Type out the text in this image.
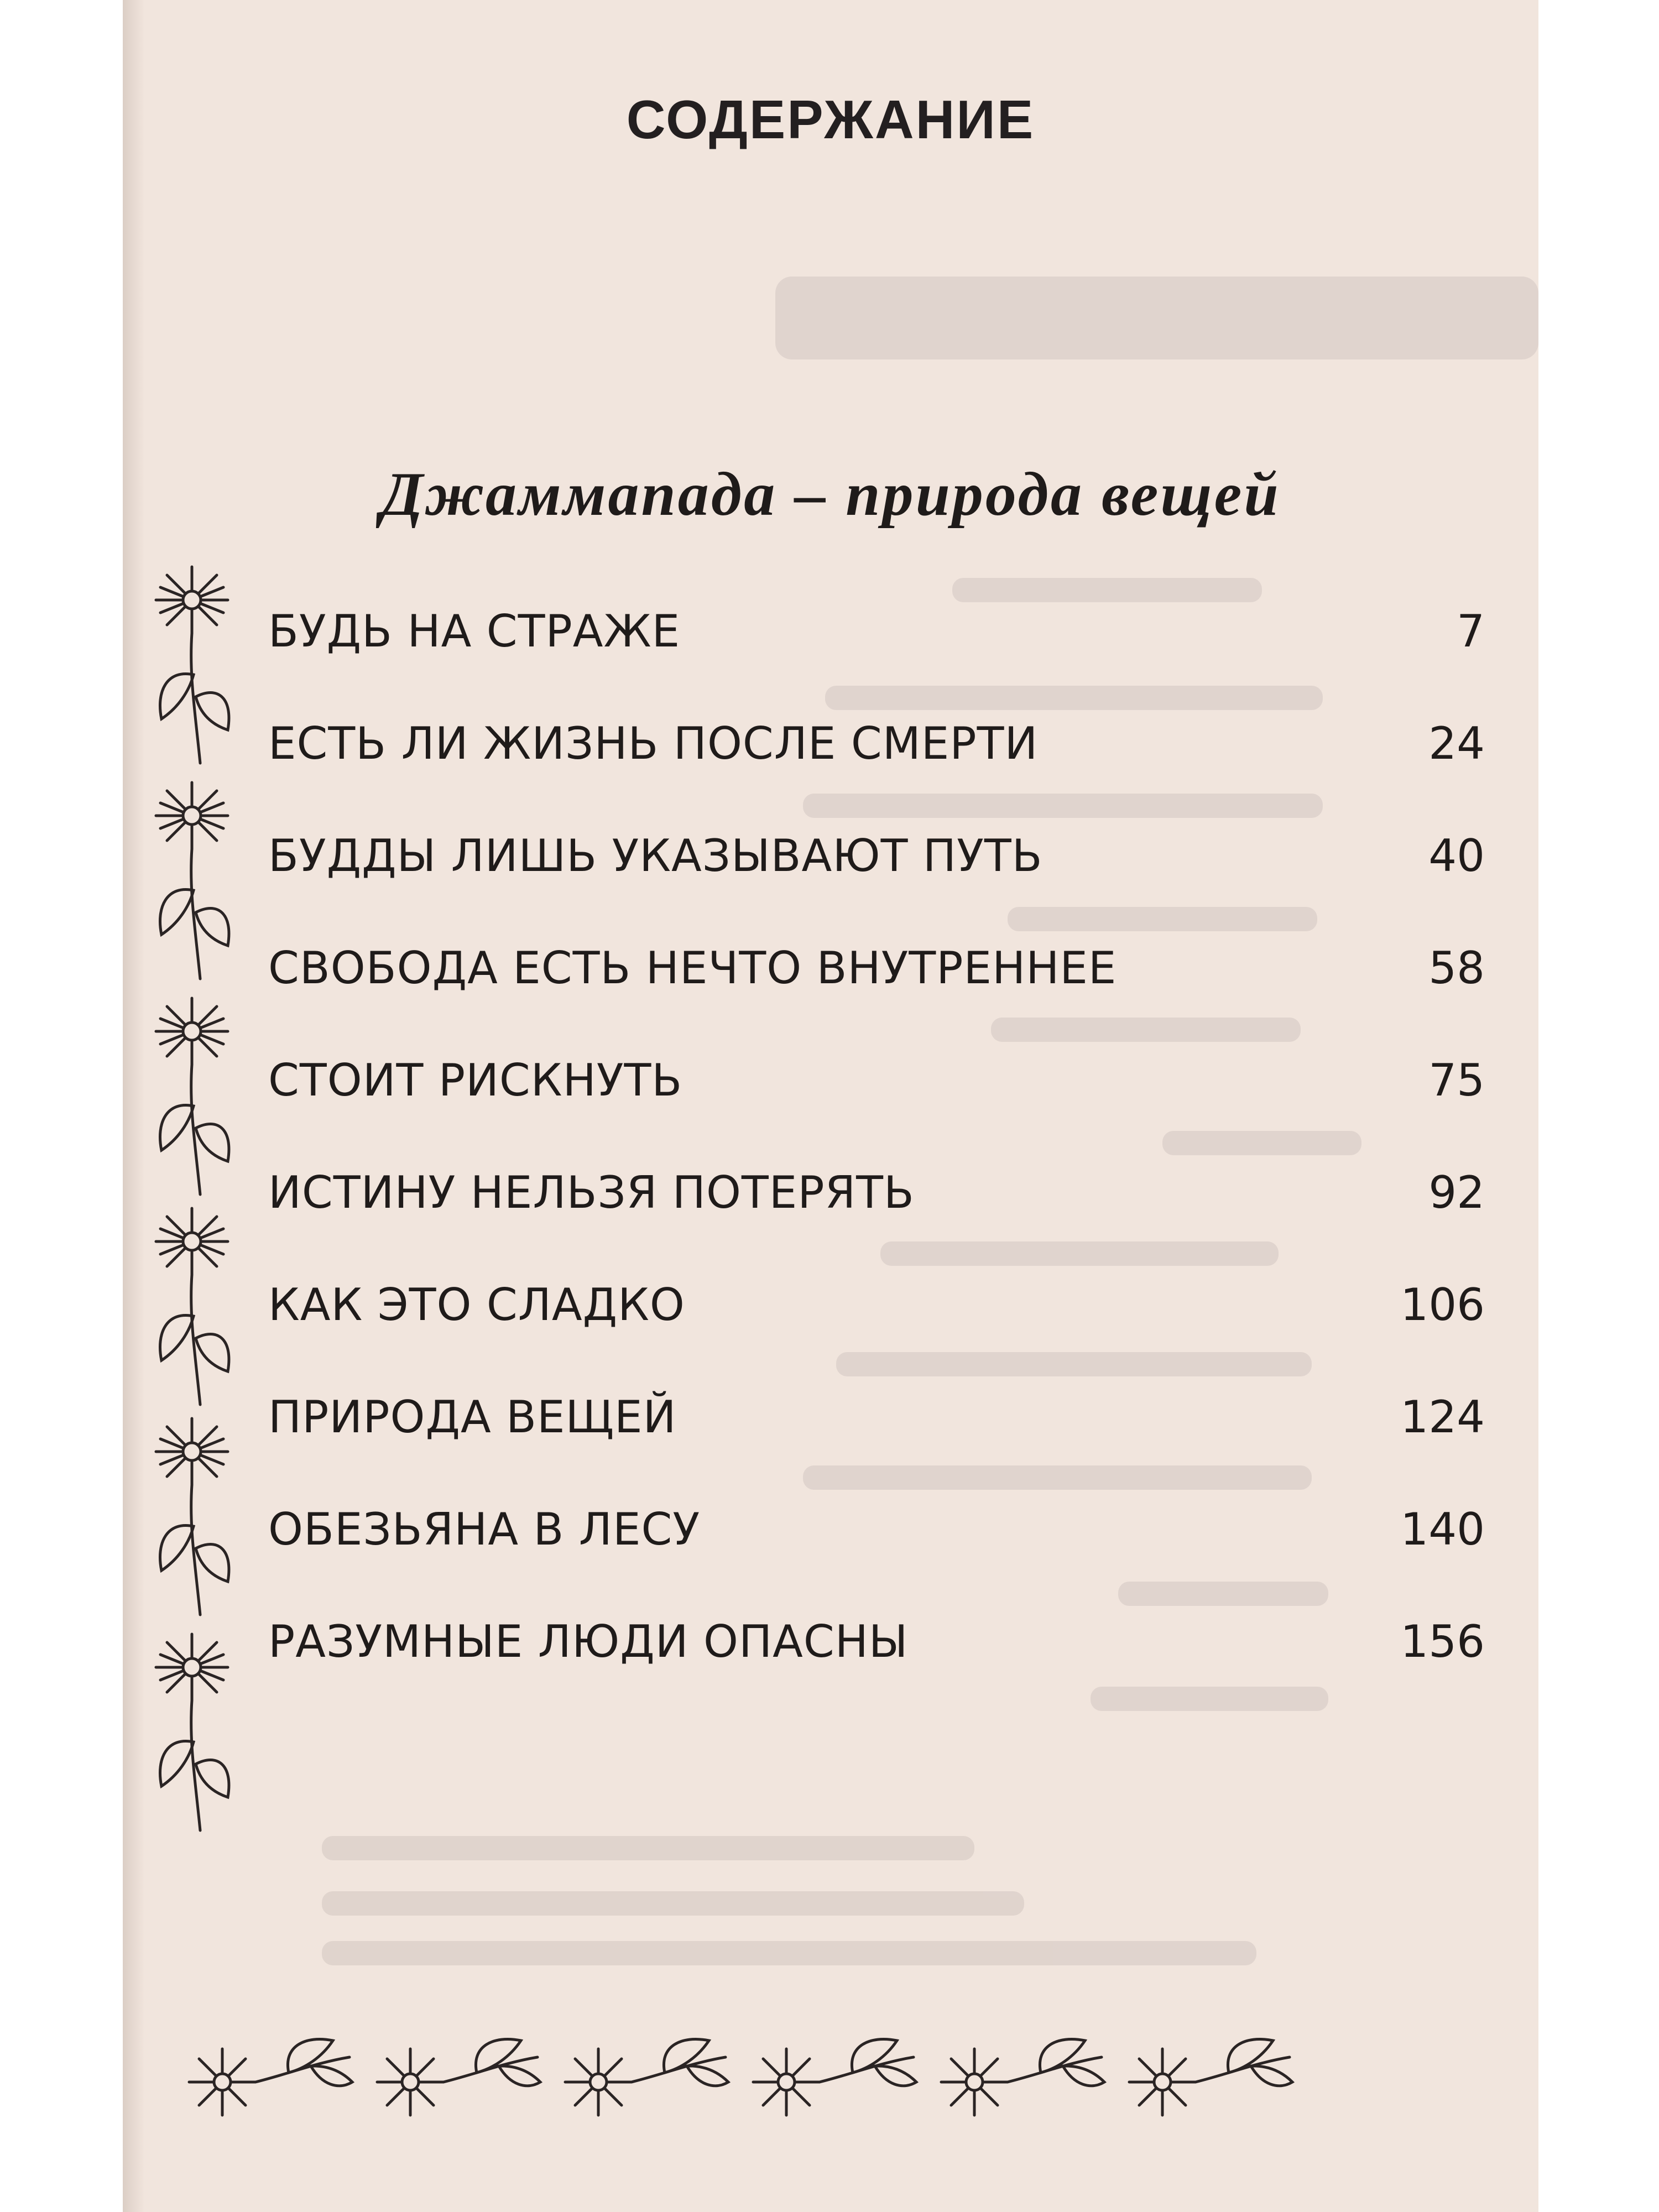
СОДЕРЖАНИЕ
Джаммапада – природа вещей
БУДЬ НА СТРАЖЕ	7
ЕСТЬ ЛИ ЖИЗНЬ ПОСЛЕ СМЕРТИ	24
БУДДЫ ЛИШЬ УКАЗЫВАЮТ ПУТЬ	40
СВОБОДА ЕСТЬ НЕЧТО ВНУТРЕННЕЕ	58
СТОИТ РИСКНУТЬ	75
ИСТИНУ НЕЛЬЗЯ ПОТЕРЯТЬ	92
КАК ЭТО СЛАДКО	106
ПРИРОДА ВЕЩЕЙ	124
ОБЕЗЬЯНА В ЛЕСУ	140
РАЗУМНЫЕ ЛЮДИ ОПАСНЫ	156
